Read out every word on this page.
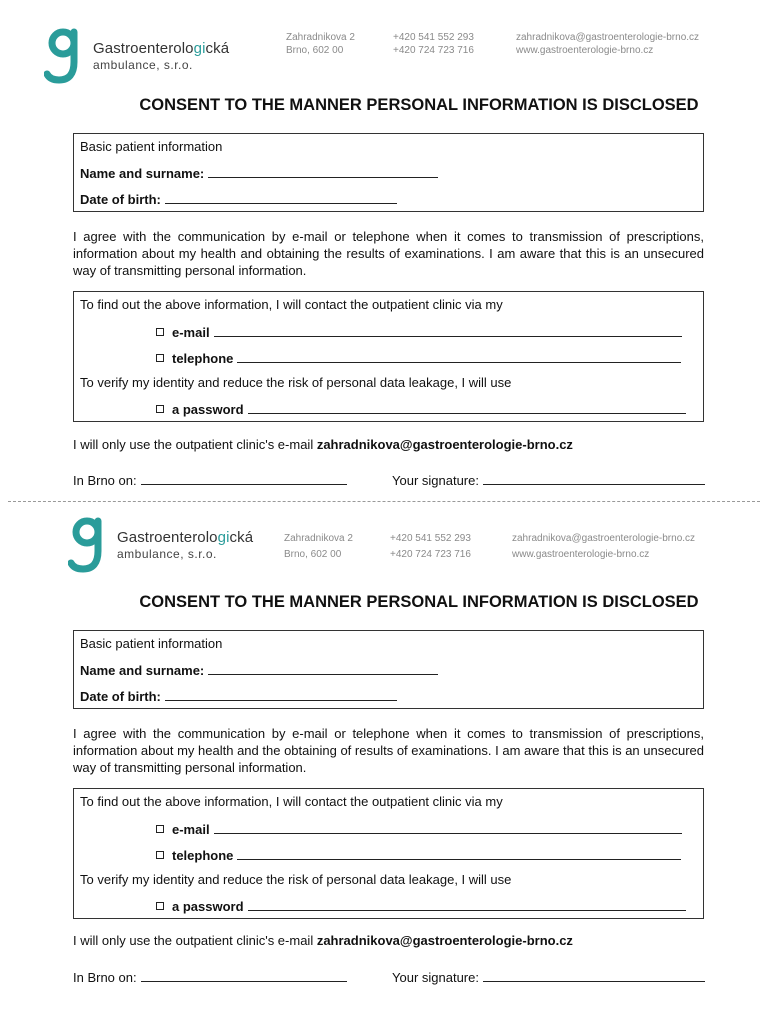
Gastroenterologická
ambulance, s.r.o.
Zahradnikova 2
Brno, 602 00
+420 541 552 293
+420 724 723 716
zahradnikova@gastroenterologie-brno.cz
www.gastroenterologie-brno.cz
CONSENT TO THE MANNER PERSONAL INFORMATION IS DISCLOSED
Basic patient information
Name and surname:
Date of birth:
I agree with the communication by e-mail or telephone when it comes to transmission of prescriptions, information about my health and obtaining the results of examinations. I am aware that this is an unsecured way of transmitting personal information.
To find out the above information, I will contact the outpatient clinic via my
e-mail
telephone
To verify my identity and reduce the risk of personal data leakage, I will use
a password
I will only use the outpatient clinic's e-mail zahradnikova@gastroenterologie-brno.cz
In Brno on:	Your signature:
Gastroenterologická
ambulance, s.r.o.
Zahradnikova 2
Brno, 602 00
+420 541 552 293
+420 724 723 716
zahradnikova@gastroenterologie-brno.cz
www.gastroenterologie-brno.cz
CONSENT TO THE MANNER PERSONAL INFORMATION IS DISCLOSED
Basic patient information
Name and surname:
Date of birth:
I agree with the communication by e-mail or telephone when it comes to transmission of prescriptions, information about my health and the obtaining of results of examinations. I am aware that this is an unsecured way of transmitting personal information.
To find out the above information, I will contact the outpatient clinic via my
e-mail
telephone
To verify my identity and reduce the risk of personal data leakage, I will use
a password
I will only use the outpatient clinic's e-mail zahradnikova@gastroenterologie-brno.cz
In Brno on:	Your signature:
